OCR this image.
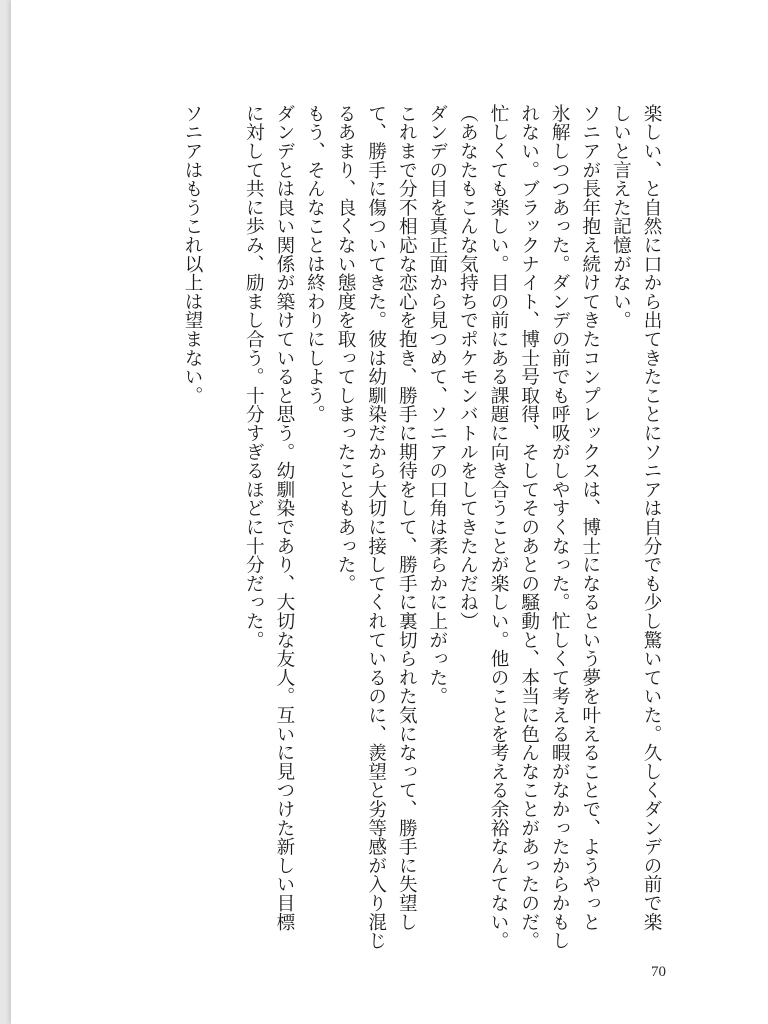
楽しい、と自然に口から出てきたことにソニアは自分でも少し驚いていた。久しくダンデの前で楽
しいと言えた記憶がない。
ソニアが長年抱え続けてきたコンプレックスは、博士になるという夢を叶えることで、ようやっと
氷解しつつあった。ダンデの前でも呼吸がしやすくなった。忙しくて考える暇がなかったからかもし
れない。ブラックナイト、博士号取得、そしてそのあとの騒動と、本当に色んなことがあったのだ。
忙しくても楽しい。目の前にある課題に向き合うことが楽しい。他のことを考える余裕なんてない。
（あなたもこんな気持ちでポケモンバトルをしてきたんだね）
ダンデの目を真正面から見つめて、ソニアの口角は柔らかに上がった。
これまで分不相応な恋心を抱き、勝手に期待をして、勝手に裏切られた気になって、勝手に失望し
て、勝手に傷ついてきた。彼は幼馴染だから大切に接してくれているのに、羨望と劣等感が入り混じ
るあまり、良くない態度を取ってしまったこともあった。
もう、そんなことは終わりにしよう。
ダンデとは良い関係が築けていると思う。幼馴染であり、大切な友人。互いに見つけた新しい目標
に対して共に歩み、励まし合う。十分すぎるほどに十分だった。

ソニアはもうこれ以上は望まない。
70
